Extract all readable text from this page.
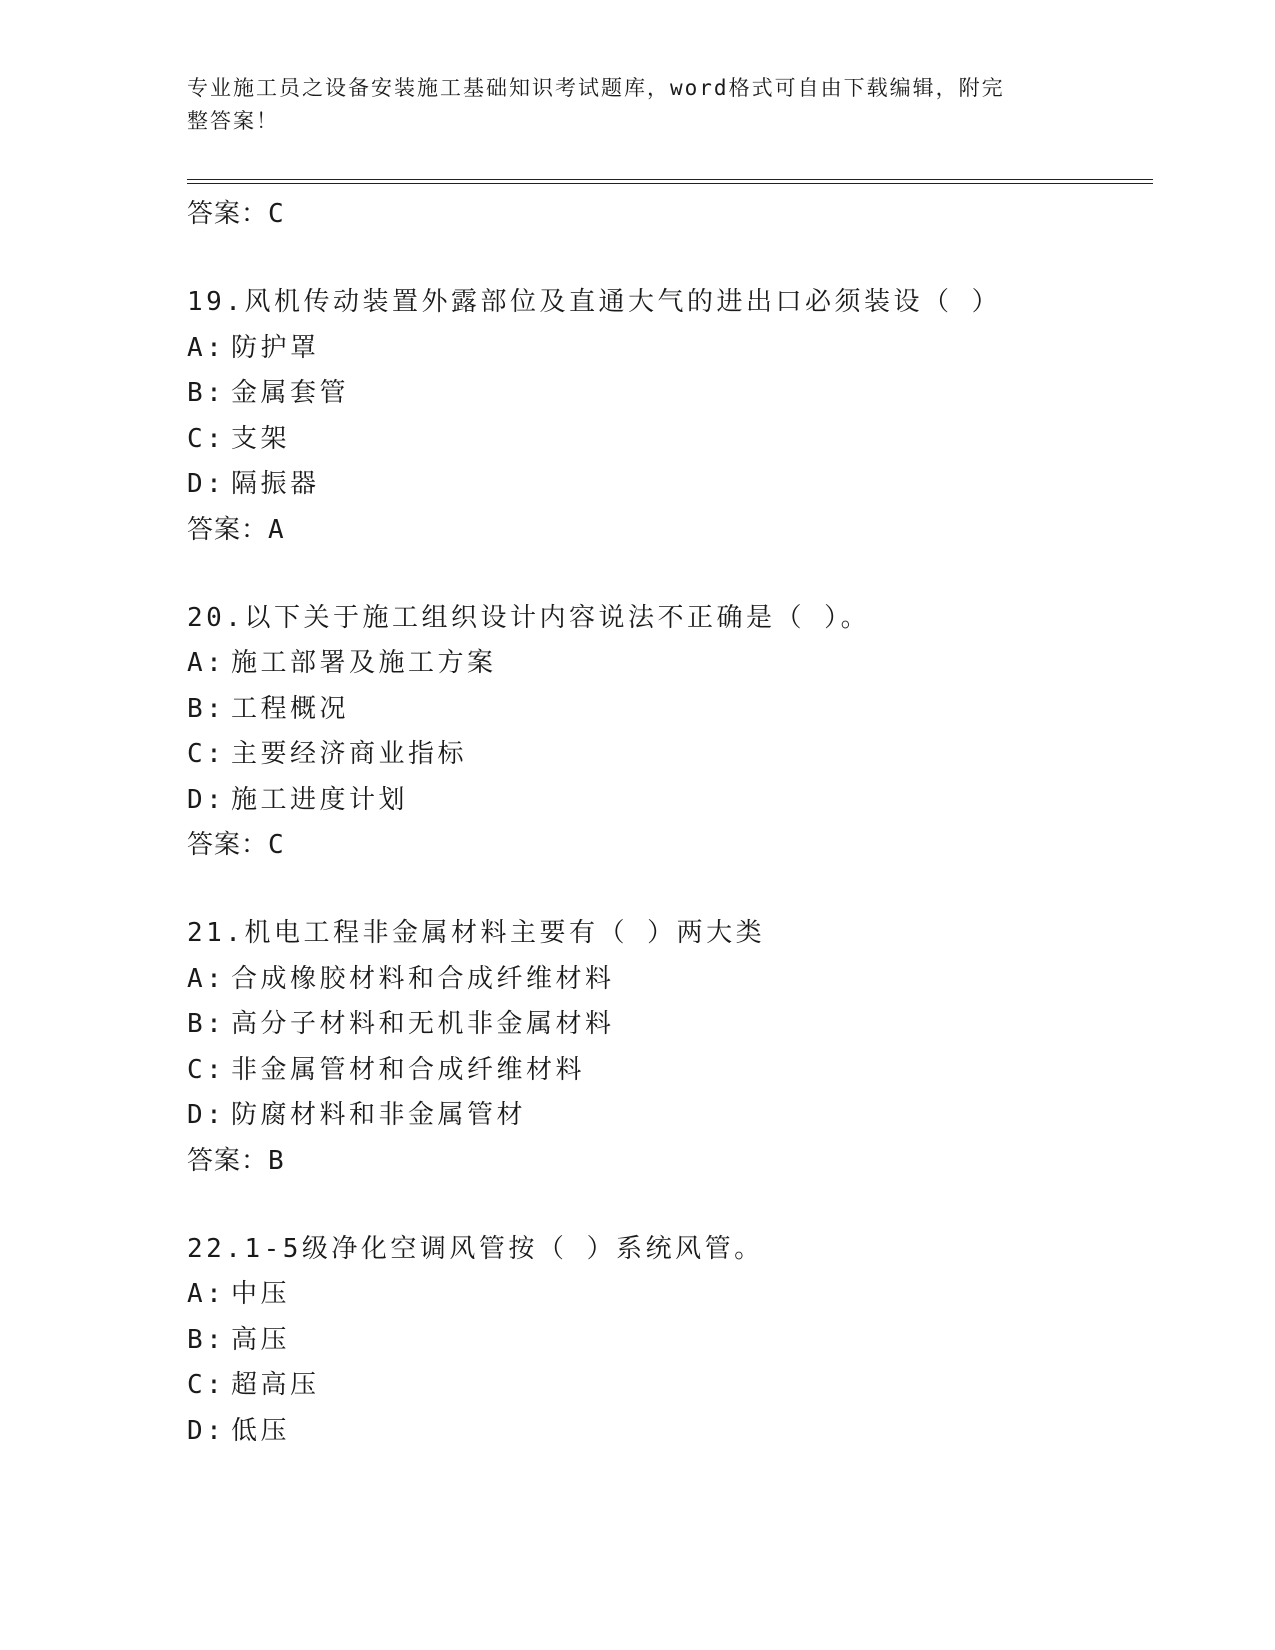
专业施工员之设备安装施工基础知识考试题库，word格式可自由下载编辑，附完
整答案！
答案：C
19.风机传动装置外露部位及直通大气的进出口必须装设（ ）
A: 防护罩
B: 金属套管
C: 支架
D: 隔振器
答案：A
20.以下关于施工组织设计内容说法不正确是（ ）。
A: 施工部署及施工方案
B: 工程概况
C: 主要经济商业指标
D: 施工进度计划
答案：C
21.机电工程非金属材料主要有（ ）两大类
A: 合成橡胶材料和合成纤维材料
B: 高分子材料和无机非金属材料
C: 非金属管材和合成纤维材料
D: 防腐材料和非金属管材
答案：B
22.1-5级净化空调风管按（ ）系统风管。
A: 中压
B: 高压
C: 超高压
D: 低压
